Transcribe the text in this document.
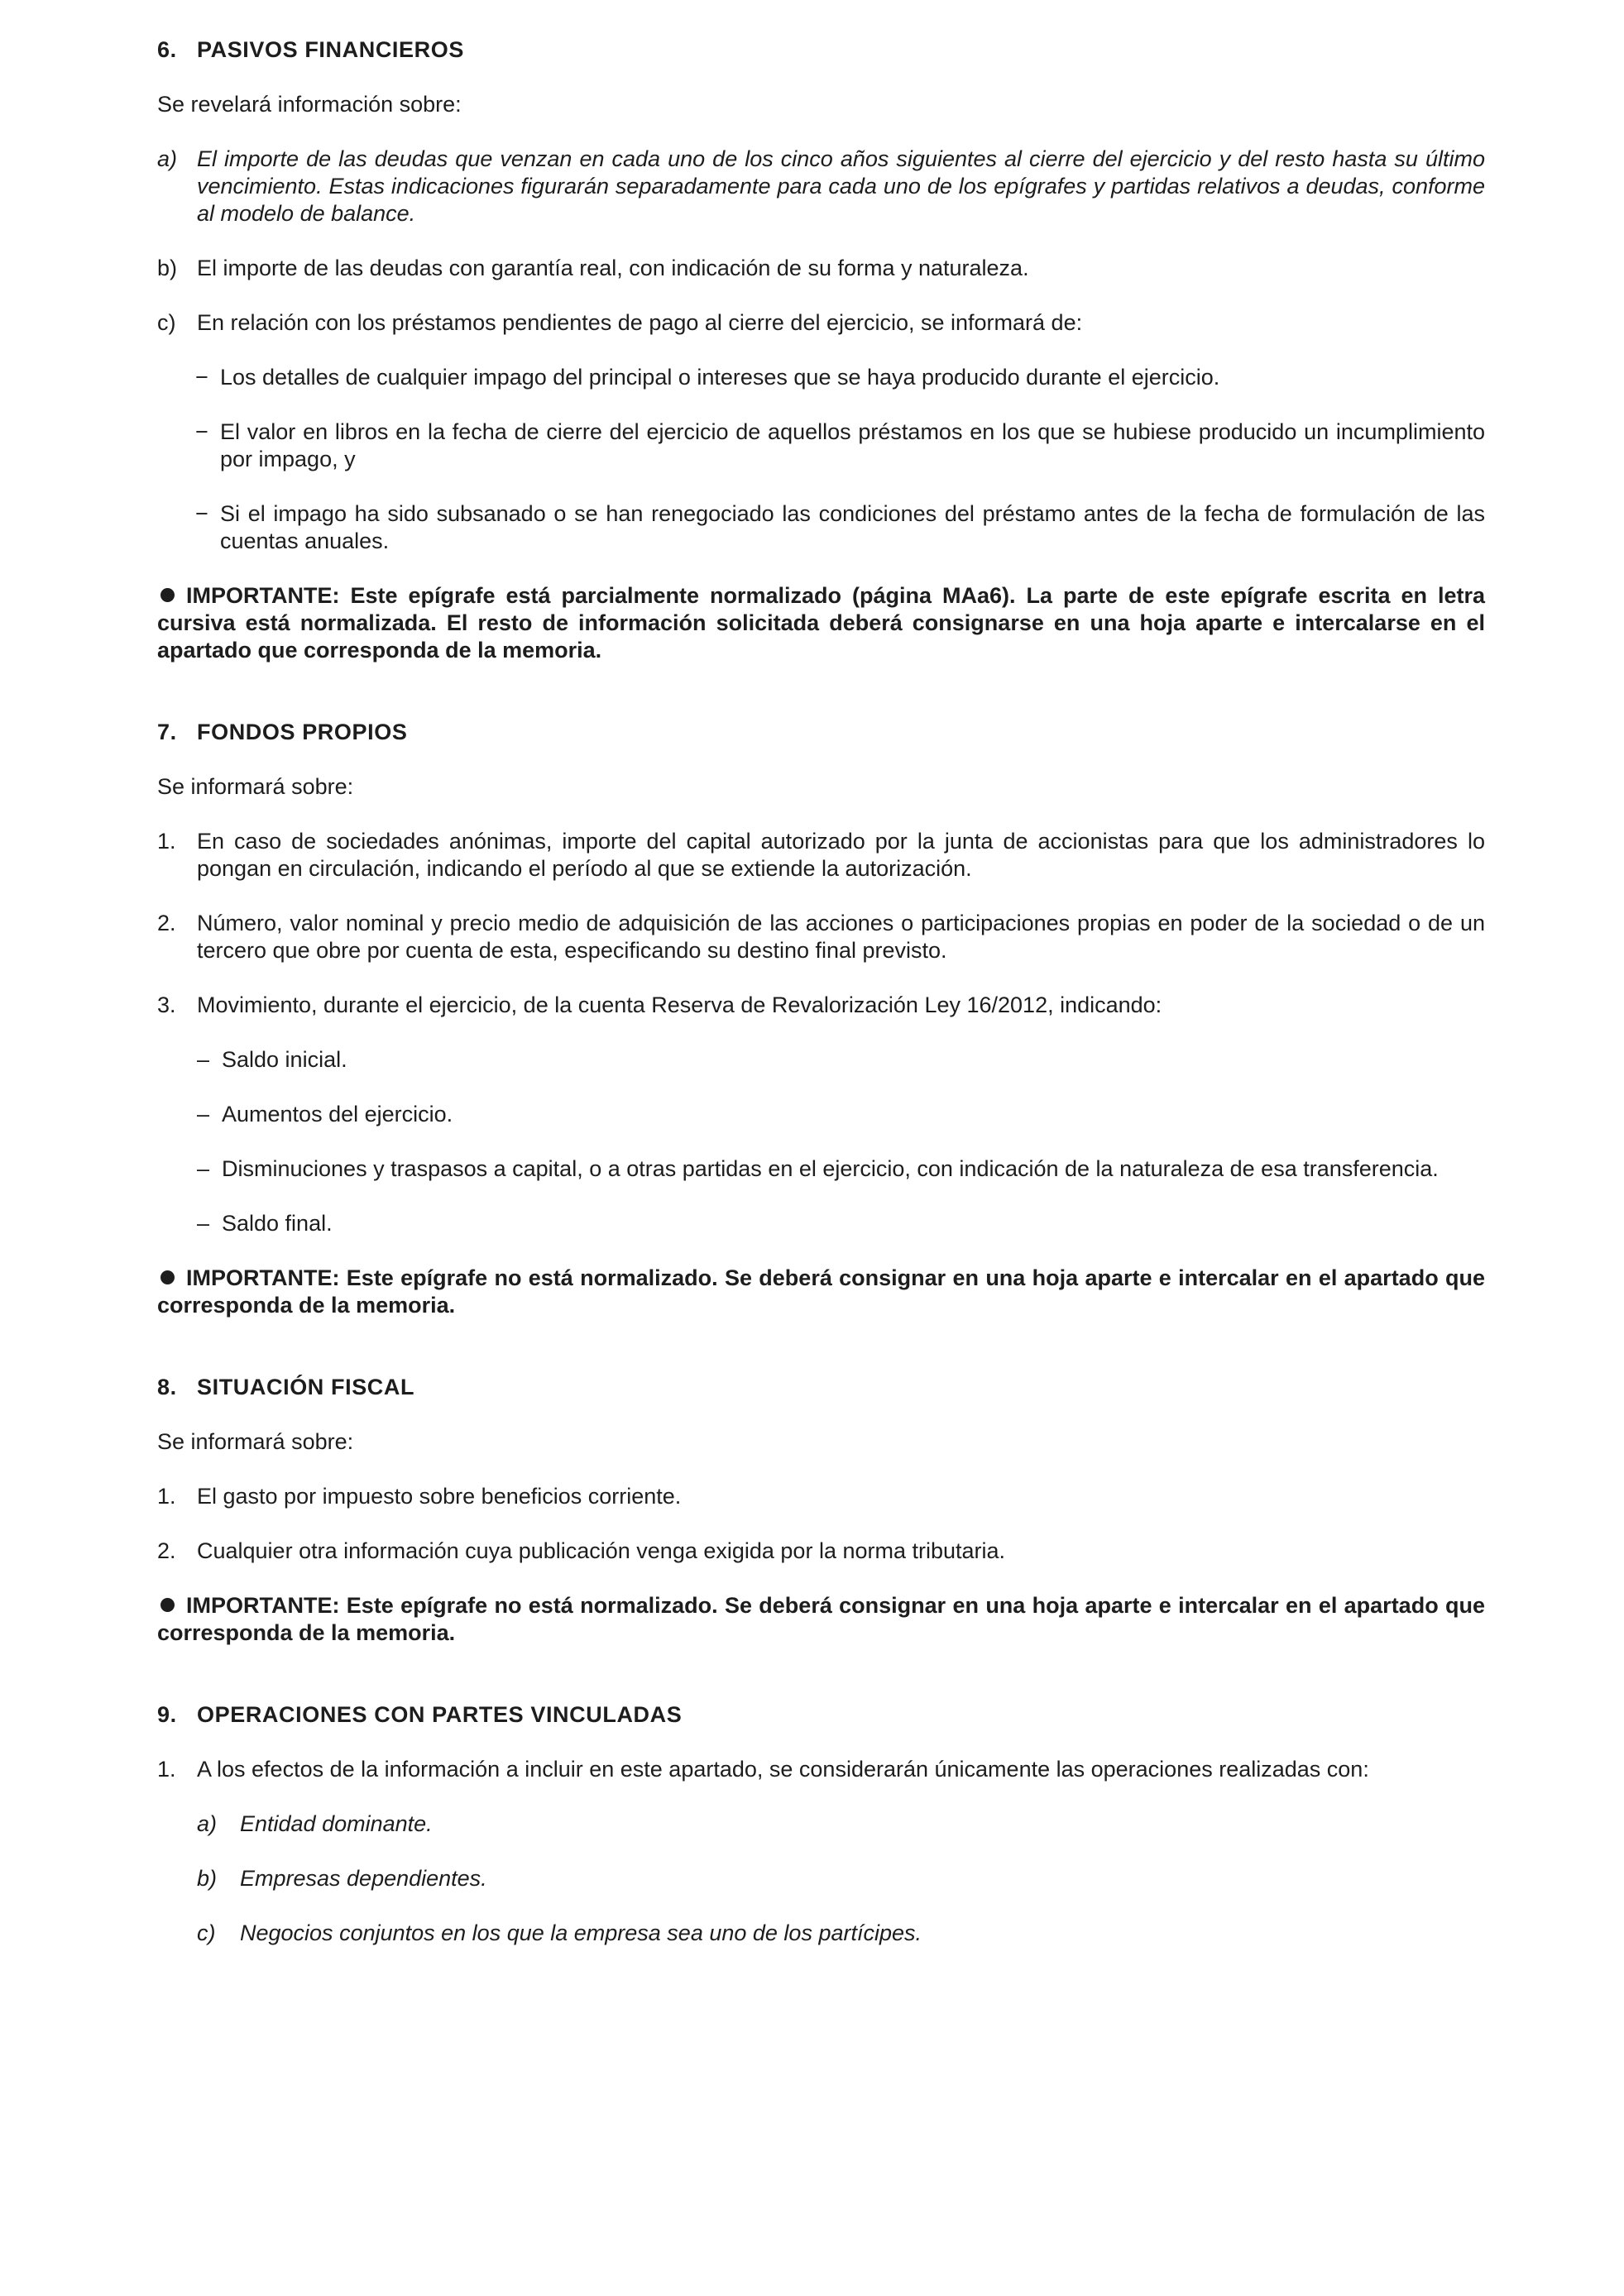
6. PASIVOS FINANCIEROS

Se revelará información sobre:

a) El importe de las deudas que venzan en cada uno de los cinco años siguientes al cierre del ejercicio y del resto hasta su último vencimiento. Estas indicaciones figurarán separadamente para cada uno de los epígrafes y partidas relativos a deudas, conforme al modelo de balance.
b) El importe de las deudas con garantía real, con indicación de su forma y naturaleza.
c) En relación con los préstamos pendientes de pago al cierre del ejercicio, se informará de:
− Los detalles de cualquier impago del principal o intereses que se haya producido durante el ejercicio.
− El valor en libros en la fecha de cierre del ejercicio de aquellos préstamos en los que se hubiese producido un incumplimiento por impago, y
− Si el impago ha sido subsanado o se han renegociado las condiciones del préstamo antes de la fecha de formulación de las cuentas anuales.

IMPORTANTE: Este epígrafe está parcialmente normalizado (página MAa6). La parte de este epígrafe escrita en letra cursiva está normalizada. El resto de información solicitada deberá consignarse en una hoja aparte e intercalarse en el apartado que corresponda de la memoria.

7. FONDOS PROPIOS

Se informará sobre:

1. En caso de sociedades anónimas, importe del capital autorizado por la junta de accionistas para que los administradores lo pongan en circulación, indicando el período al que se extiende la autorización.
2. Número, valor nominal y precio medio de adquisición de las acciones o participaciones propias en poder de la sociedad o de un tercero que obre por cuenta de esta, especificando su destino final previsto.
3. Movimiento, durante el ejercicio, de la cuenta Reserva de Revalorización Ley 16/2012, indicando:
– Saldo inicial.
– Aumentos del ejercicio.
– Disminuciones y traspasos a capital, o a otras partidas en el ejercicio, con indicación de la naturaleza de esa transferencia.
– Saldo final.

IMPORTANTE: Este epígrafe no está normalizado. Se deberá consignar en una hoja aparte e intercalar en el apartado que corresponda de la memoria.

8. SITUACIÓN FISCAL

Se informará sobre:

1. El gasto por impuesto sobre beneficios corriente.
2. Cualquier otra información cuya publicación venga exigida por la norma tributaria.

IMPORTANTE: Este epígrafe no está normalizado. Se deberá consignar en una hoja aparte e intercalar en el apartado que corresponda de la memoria.

9. OPERACIONES CON PARTES VINCULADAS

1. A los efectos de la información a incluir en este apartado, se considerarán únicamente las operaciones realizadas con:
a) Entidad dominante.
b) Empresas dependientes.
c) Negocios conjuntos en los que la empresa sea uno de los partícipes.
